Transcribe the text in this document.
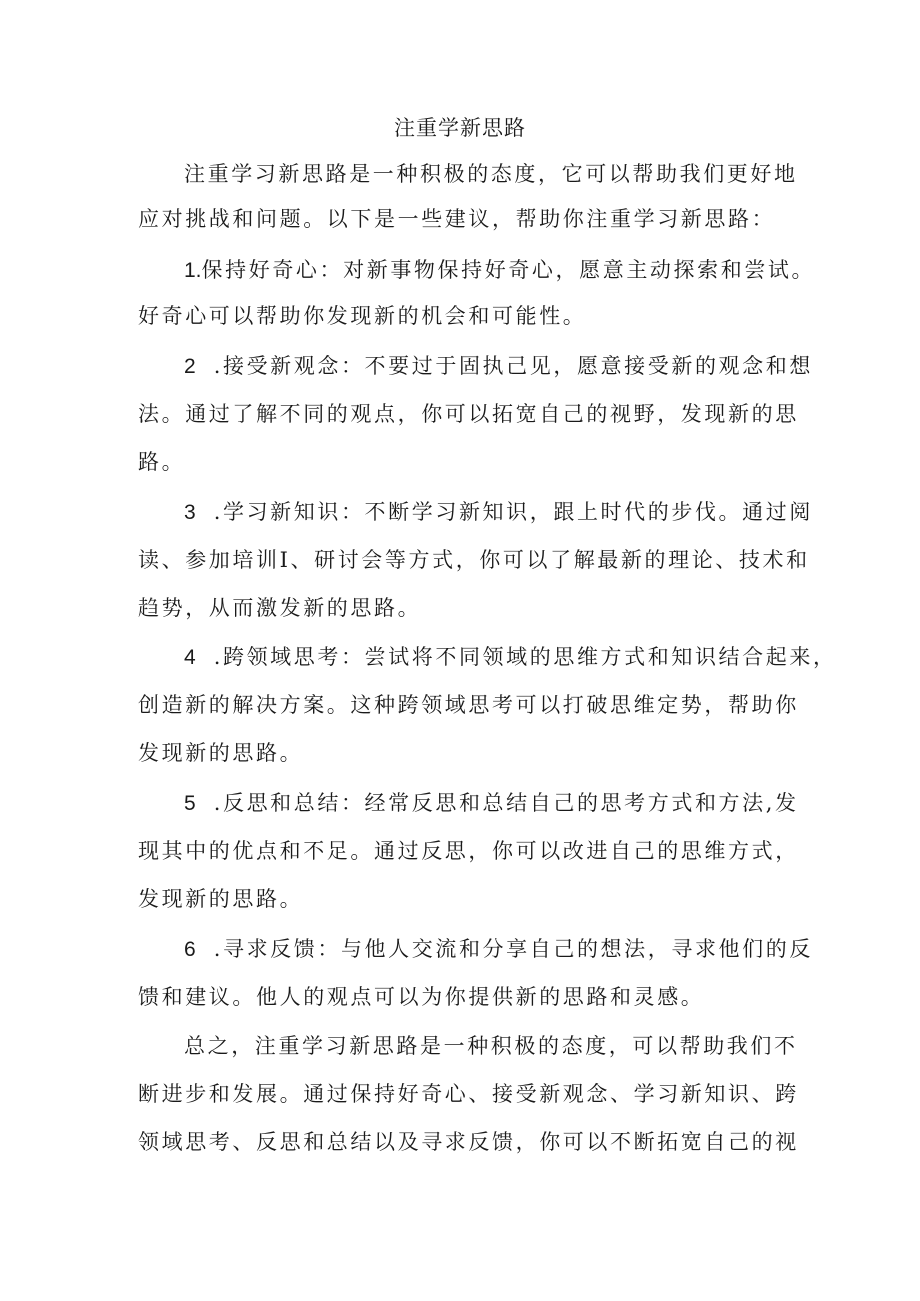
注重学新思路
注重学习新思路是一种积极的态度，它可以帮助我们更好地
应对挑战和问题。以下是一些建议，帮助你注重学习新思路：
1.保持好奇心：对新事物保持好奇心，愿意主动探索和尝试。
好奇心可以帮助你发现新的机会和可能性。
2 .接受新观念：不要过于固执己见，愿意接受新的观念和想
法。通过了解不同的观点，你可以拓宽自己的视野，发现新的思
路。
3 .学习新知识：不断学习新知识，跟上时代的步伐。通过阅
读、参加培训I、研讨会等方式，你可以了解最新的理论、技术和
趋势，从而激发新的思路。
4 .跨领域思考：尝试将不同领域的思维方式和知识结合起来，
创造新的解决方案。这种跨领域思考可以打破思维定势，帮助你
发现新的思路。
5 .反思和总结：经常反思和总结自己的思考方式和方法,发
现其中的优点和不足。通过反思，你可以改进自己的思维方式，
发现新的思路。
6 .寻求反馈：与他人交流和分享自己的想法，寻求他们的反
馈和建议。他人的观点可以为你提供新的思路和灵感。
总之，注重学习新思路是一种积极的态度，可以帮助我们不
断进步和发展。通过保持好奇心、接受新观念、学习新知识、跨
领域思考、反思和总结以及寻求反馈，你可以不断拓宽自己的视
